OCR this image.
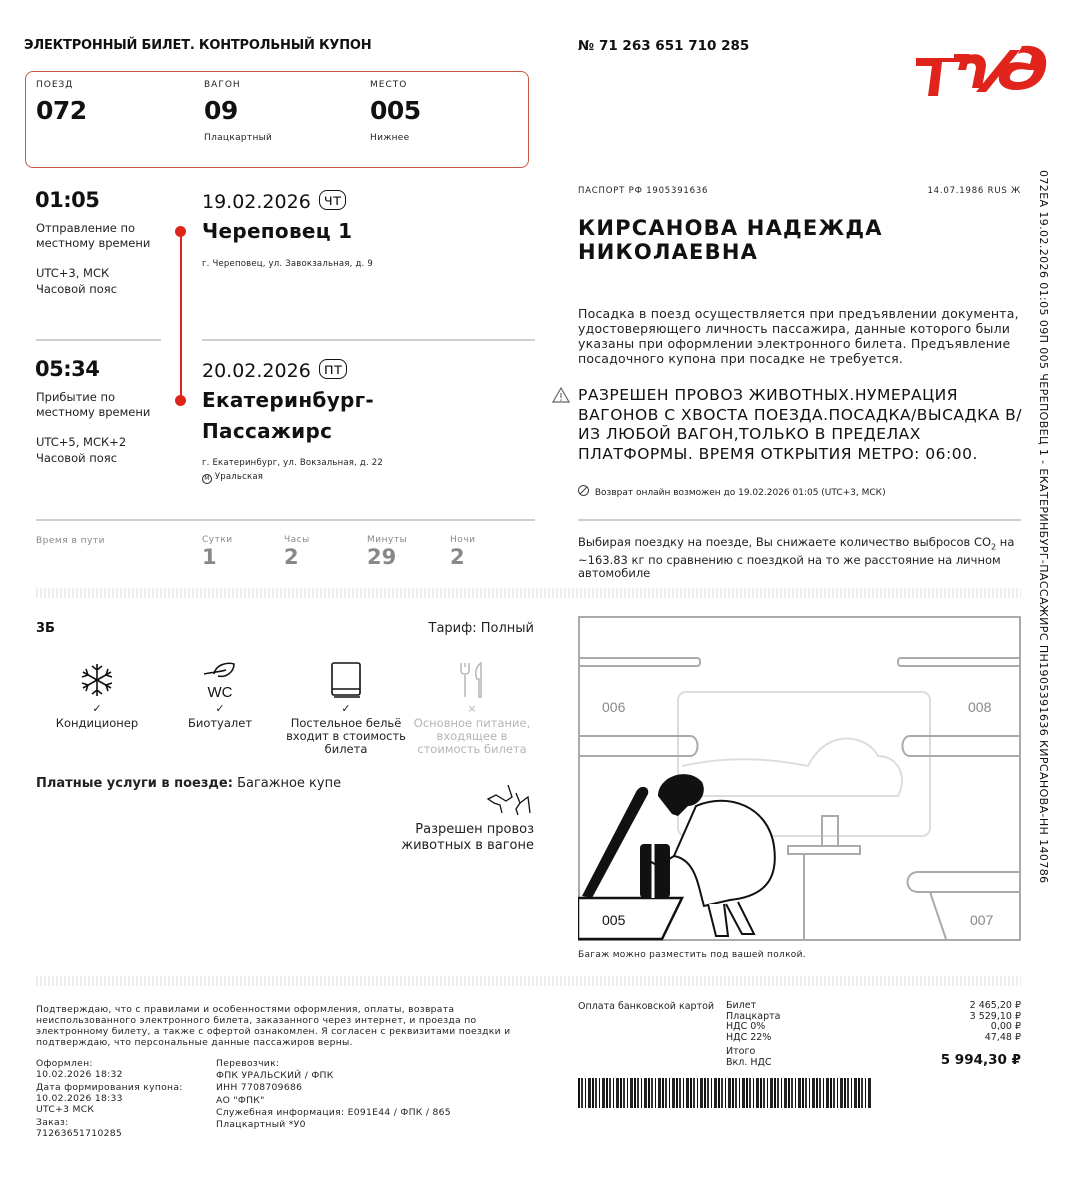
ЭЛЕКТРОННЫЙ БИЛЕТ. КОНТРОЛЬНЫЙ КУПОН	№ 71 263 651 710 285
ПОЕЗД
072
ВАГОН
09
Плацкартный
МЕСТО
005
Нижнее
01:05
Отправление по местному времени
UTC+3, МСК
Часовой пояс
19.02.2026 чт
Череповец 1
г. Череповец, ул. Завокзальная, д. 9
05:34
Прибытие по местному времени
UTC+5, МСК+2
Часовой пояс
20.02.2026 пт
Екатеринбург-
Пассажирс
г. Екатеринбург, ул. Вокзальная, д. 22
M Уральская
Время в пути	Сутки
1
Часы
2
Минуты
29
Ночи
2
ПАСПОРТ РФ 1905391636	14.07.1986 RUS Ж
КИРСАНОВА НАДЕЖДА
НИКОЛАЕВНА
Посадка в поезд осуществляется при предъявлении документа, удостоверяющего личность пассажира, данные которого были указаны при оформлении электронного билета. Предъявление посадочного купона при посадке не требуется.
РАЗРЕШЕН ПРОВОЗ ЖИВОТНЫХ.НУМЕРАЦИЯ ВАГОНОВ С ХВОСТА ПОЕЗДА.ПОСАДКА/ВЫСАДКА В/ИЗ ЛЮБОЙ ВАГОН,ТОЛЬКО В ПРЕДЕЛАХ ПЛАТФОРМЫ. ВРЕМЯ ОТКРЫТИЯ МЕТРО: 06:00.
Возврат онлайн возможен до 19.02.2026 01:05 (UTC+3, МСК)
Выбирая поездку на поезде, Вы снижаете количество выбросов $CO_2$ на ~163.83 кг по сравнению с поездкой на то же расстояние на личном автомобиле	072ЕА 19.02.2026 01:05 09П 005 ЧЕРЕПОВЕЦ 1 - ЕКАТЕРИНБУРГ-ПАССАЖИРС ПН1905391636 КИРСАНОВА-НН 140786
3Б	Тариф: Полный
✓
Кондиционер
WC
✓
Биотуалет
✓
Постельное бельё входит в стоимость билета
×
Основное питание, входящее в стоимость билета
Платные услуги в поезде: Багажное купе
Разрешен провоз
животных в вагоне
006	008
005	007
Багаж можно разместить под вашей полкой.
Подтверждаю, что с правилами и особенностями оформления, оплаты, возврата неиспользованного электронного билета, заказанного через интернет, и проезда по электронному билету, а также с офертой ознакомлен. Я согласен с реквизитами поездки и подтверждаю, что персональные данные пассажиров верны.
Оформлен:
10.02.2026 18:32
Дата формирования купона:
10.02.2026 18:33
UTC+3 МСК
Заказ:
71263651710285
Перевозчик:
ФПК УРАЛЬСКИЙ / ФПК
ИНН 7708709686
АО "ФПК"
Служебная информация: Е091Е44 / ФПК / 865
Плацкартный *У0
Оплата банковской картой Билет	2 465,20 ₽
Плацкарта	3 529,10 ₽
НДС 0%	0,00 ₽
НДС 22%	47,48 ₽
Итого
Вкл. НДС	5 994,30 ₽
